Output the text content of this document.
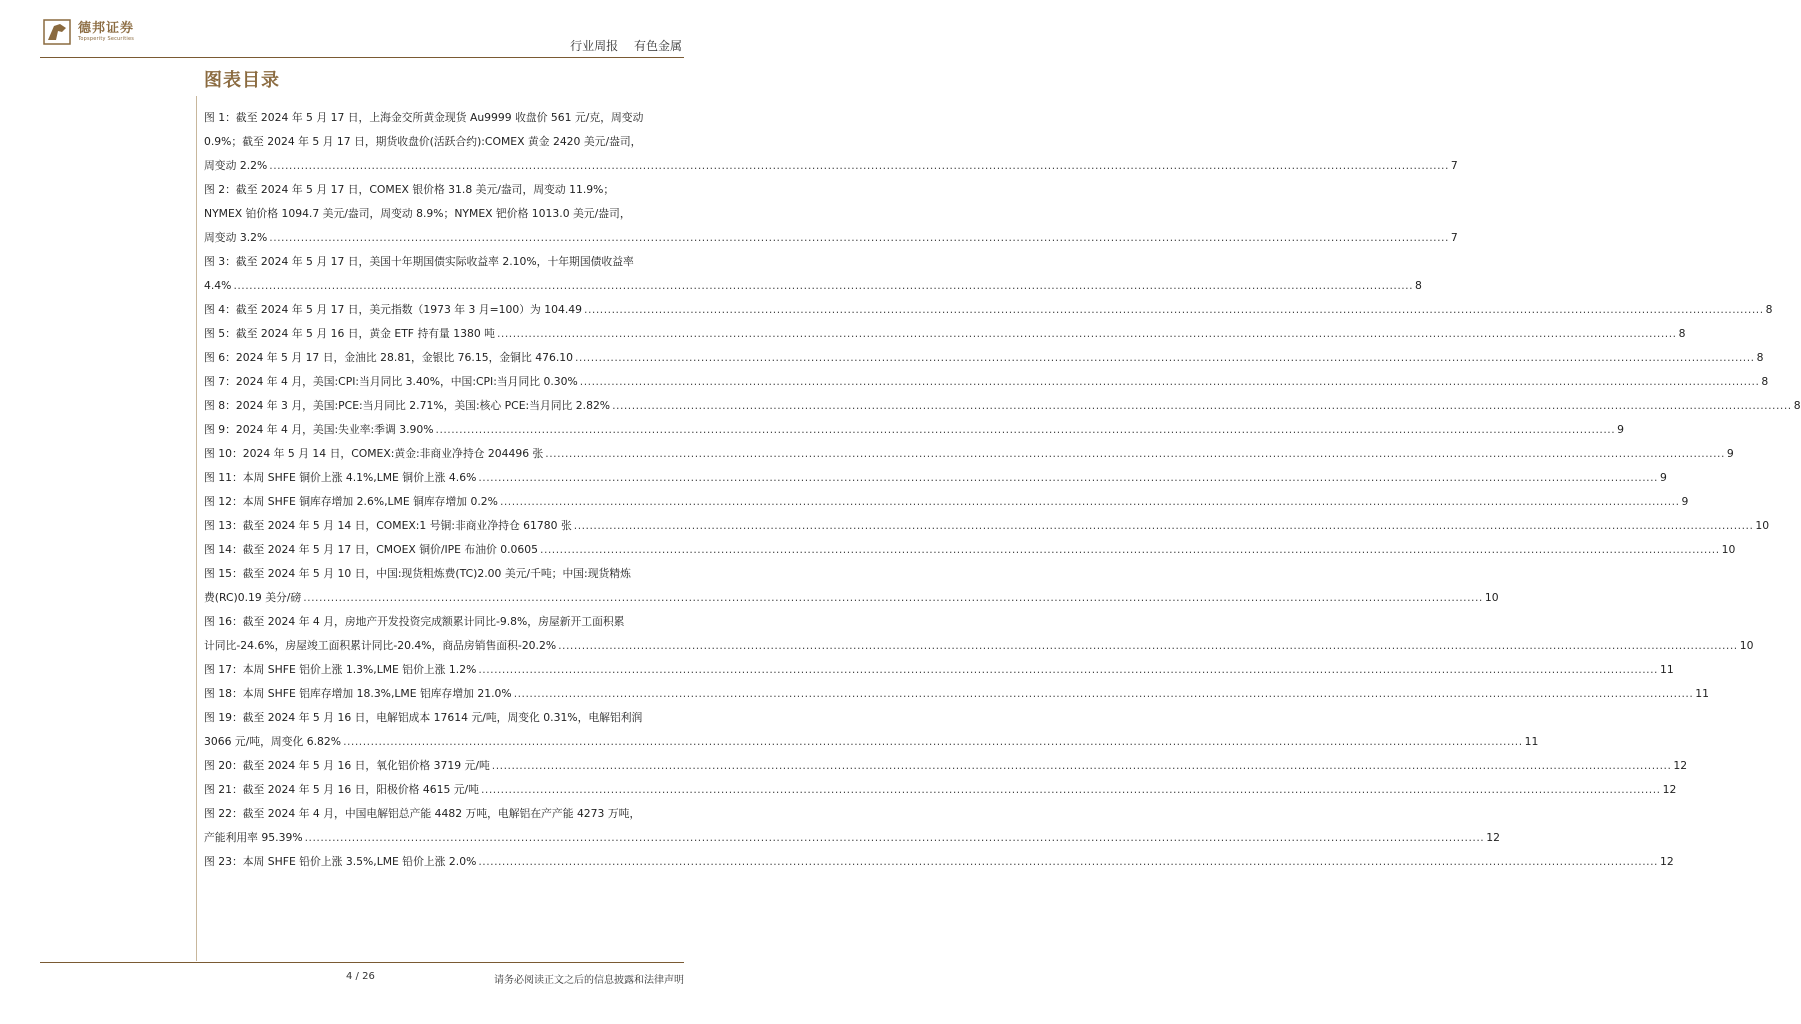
德邦证券
Topsperity Securities	行业周报 有色金属
图表目录
图 1：截至 2024 年 5 月 17 日，上海金交所黄金现货 Au9999 收盘价 561 元/克，周变动
0.9%；截至 2024 年 5 月 17 日，期货收盘价(活跃合约):COMEX 黄金 2420 美元/盎司，
周变动 2.2% ............................................................................................................................................................................................................................................................................................................ 7
图 2：截至 2024 年 5 月 17 日，COMEX 银价格 31.8 美元/盎司，周变动 11.9%；
NYMEX 铂价格 1094.7 美元/盎司，周变动 8.9%；NYMEX 钯价格 1013.0 美元/盎司，
周变动 3.2% ............................................................................................................................................................................................................................................................................................................ 7
图 3：截至 2024 年 5 月 17 日，美国十年期国债实际收益率 2.10%，十年期国债收益率
4.4% ............................................................................................................................................................................................................................................................................................................ 8
图 4：截至 2024 年 5 月 17 日，美元指数（1973 年 3 月=100）为 104.49 ............................................................................................................................................................................................................................................................................................................ 8
图 5：截至 2024 年 5 月 16 日，黄金 ETF 持有量 1380 吨 ............................................................................................................................................................................................................................................................................................................ 8
图 6：2024 年 5 月 17 日，金油比 28.81，金银比 76.15，金铜比 476.10 ............................................................................................................................................................................................................................................................................................................ 8
图 7：2024 年 4 月，美国:CPI:当月同比 3.40%，中国:CPI:当月同比 0.30% ............................................................................................................................................................................................................................................................................................................ 8
图 8：2024 年 3 月，美国:PCE:当月同比 2.71%，美国:核心 PCE:当月同比 2.82% ............................................................................................................................................................................................................................................................................................................ 8
图 9：2024 年 4 月，美国:失业率:季调 3.90% ............................................................................................................................................................................................................................................................................................................ 9
图 10：2024 年 5 月 14 日，COMEX:黄金:非商业净持仓 204496 张 ............................................................................................................................................................................................................................................................................................................ 9
图 11：本周 SHFE 铜价上涨 4.1%,LME 铜价上涨 4.6% ............................................................................................................................................................................................................................................................................................................ 9
图 12：本周 SHFE 铜库存增加 2.6%,LME 铜库存增加 0.2% ............................................................................................................................................................................................................................................................................................................ 9
图 13：截至 2024 年 5 月 14 日，COMEX:1 号铜:非商业净持仓 61780 张 ............................................................................................................................................................................................................................................................................................................ 10
图 14：截至 2024 年 5 月 17 日，CMOEX 铜价/IPE 布油价 0.0605 ............................................................................................................................................................................................................................................................................................................ 10
图 15：截至 2024 年 5 月 10 日，中国:现货粗炼费(TC)2.00 美元/千吨；中国:现货精炼
费(RC)0.19 美分/磅 ............................................................................................................................................................................................................................................................................................................ 10
图 16：截至 2024 年 4 月，房地产开发投资完成额累计同比-9.8%，房屋新开工面积累
计同比-24.6%，房屋竣工面积累计同比-20.4%，商品房销售面积-20.2% ............................................................................................................................................................................................................................................................................................................ 10
图 17：本周 SHFE 铝价上涨 1.3%,LME 铝价上涨 1.2% ............................................................................................................................................................................................................................................................................................................ 11
图 18：本周 SHFE 铝库存增加 18.3%,LME 铝库存增加 21.0% ............................................................................................................................................................................................................................................................................................................ 11
图 19：截至 2024 年 5 月 16 日，电解铝成本 17614 元/吨，周变化 0.31%，电解铝利润
3066 元/吨，周变化 6.82% ............................................................................................................................................................................................................................................................................................................ 11
图 20：截至 2024 年 5 月 16 日，氧化铝价格 3719 元/吨 ............................................................................................................................................................................................................................................................................................................ 12
图 21：截至 2024 年 5 月 16 日，阳极价格 4615 元/吨 ............................................................................................................................................................................................................................................................................................................ 12
图 22：截至 2024 年 4 月，中国电解铝总产能 4482 万吨，电解铝在产产能 4273 万吨，
产能利用率 95.39% ............................................................................................................................................................................................................................................................................................................ 12
图 23：本周 SHFE 铅价上涨 3.5%,LME 铅价上涨 2.0% ............................................................................................................................................................................................................................................................................................................ 12
4 / 26	请务必阅读正文之后的信息披露和法律声明
